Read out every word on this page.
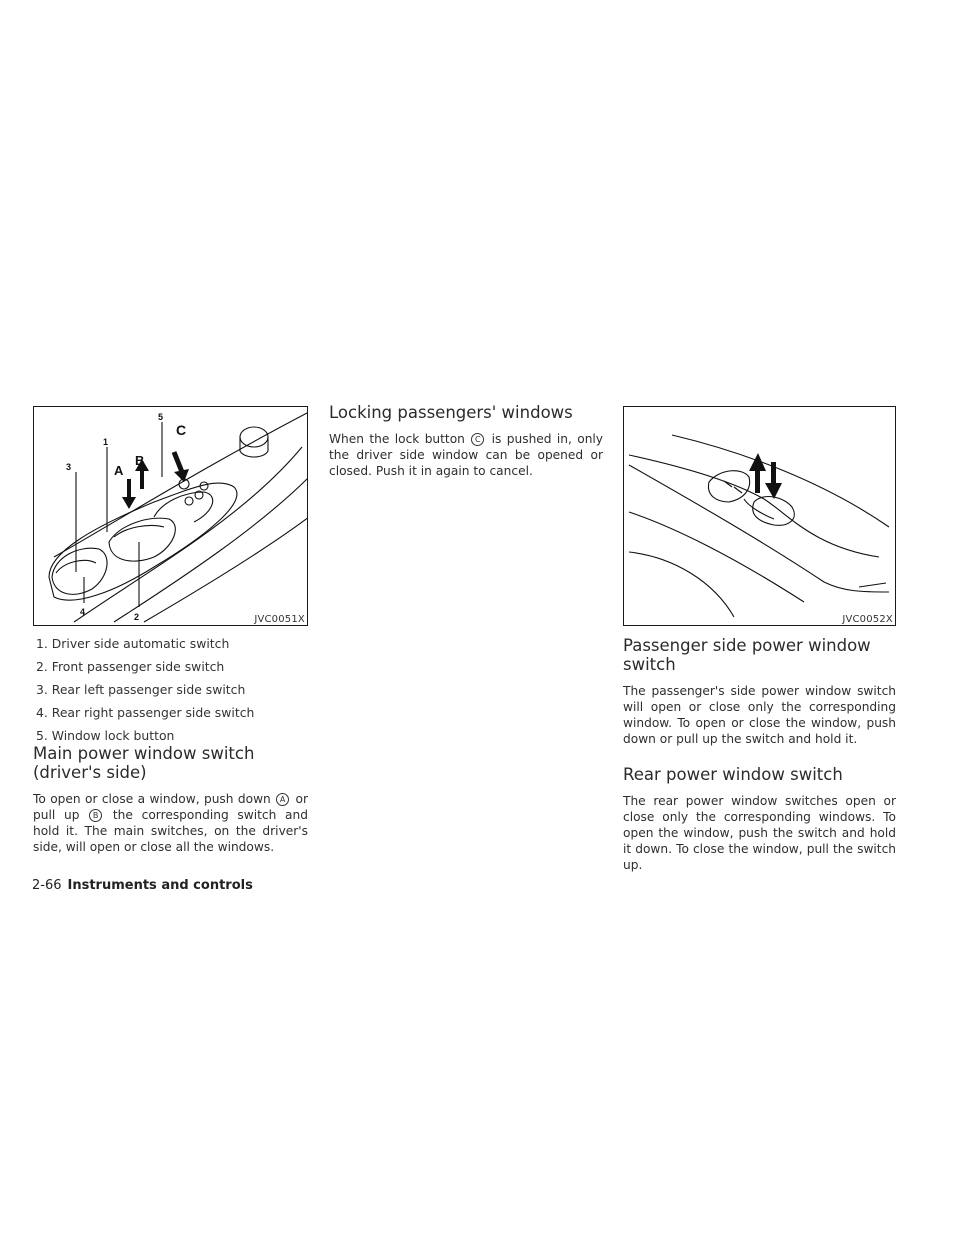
1
2
3
4
5
A
B
C
JVC0051X
1. Driver side automatic switch
2. Front passenger side switch
3. Rear left passenger side switch
4. Rear right passenger side switch
5. Window lock button
Main power window switch (driver's side)

To open or close a window, push down A or pull up B the corresponding switch and hold it. The main switches, on the driver's side, will open or close all the windows.

Locking passengers' windows

When the lock button C is pushed in, only the driver side window can be opened or closed. Push it in again to cancel.

JVC0052X
Passenger side power window switch

The passenger's side power window switch will open or close only the corresponding window. To open or close the window, push down or pull up the switch and hold it.

Rear power window switch

The rear power window switches open or close only the corresponding windows. To open the window, push the switch and hold it down. To close the window, pull the switch up.

2-66 Instruments and controls
